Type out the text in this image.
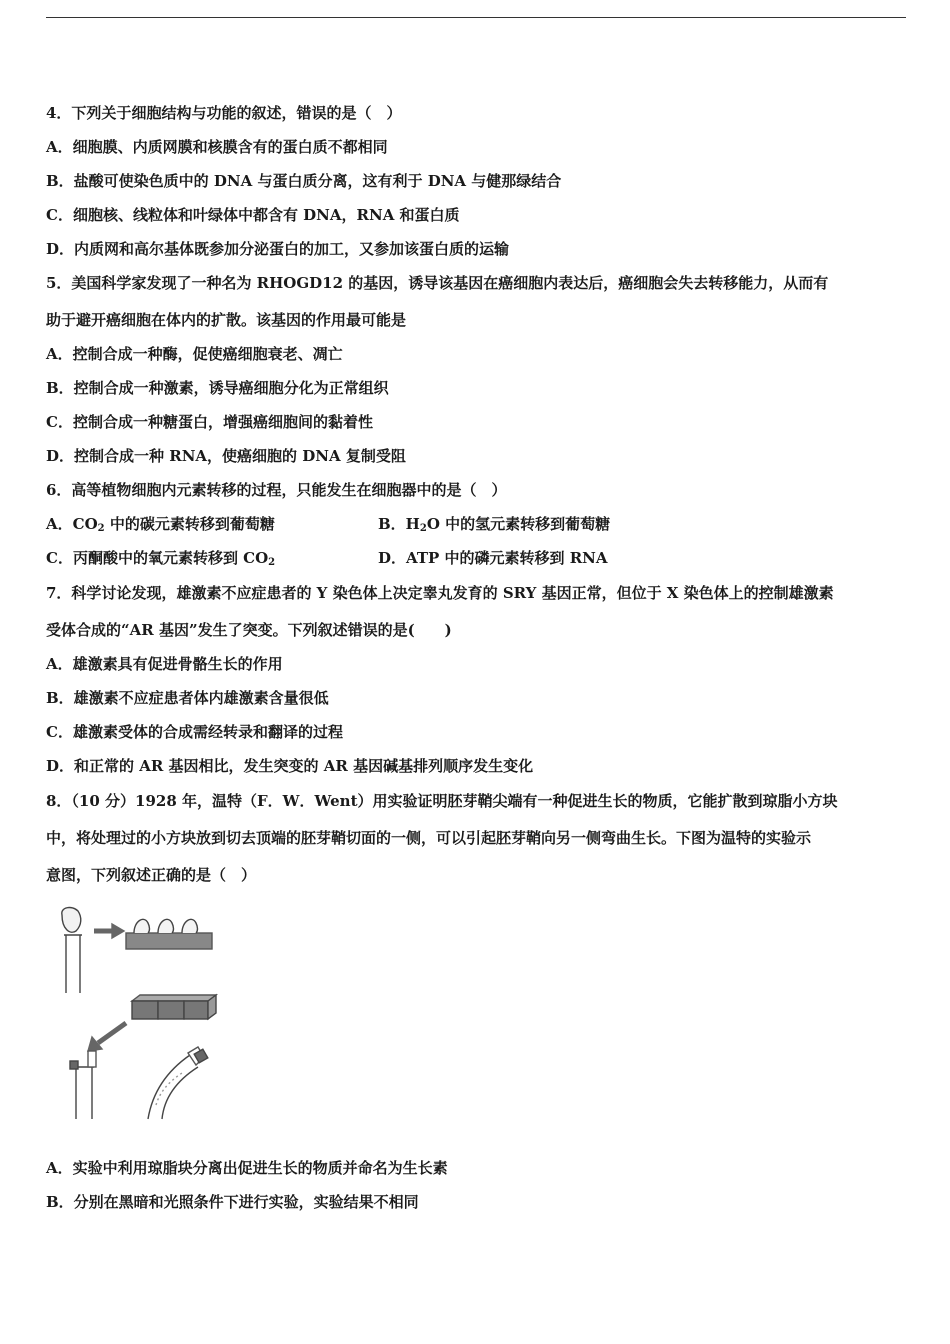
4．下列关于细胞结构与功能的叙述，错误的是（　）
A．细胞膜、内质网膜和核膜含有的蛋白质不都相同
B．盐酸可使染色质中的 DNA 与蛋白质分离，这有利于 DNA 与健那绿结合
C．细胞核、线粒体和叶绿体中都含有 DNA，RNA 和蛋白质
D．内质网和高尔基体既参加分泌蛋白的加工，又参加该蛋白质的运输
5．美国科学家发现了一种名为 RHOGD12 的基因，诱导该基因在癌细胞内表达后，癌细胞会失去转移能力，从而有
助于避开癌细胞在体内的扩散。该基因的作用最可能是
A．控制合成一种酶，促使癌细胞衰老、凋亡
B．控制合成一种激素，诱导癌细胞分化为正常组织
C．控制合成一种糖蛋白，增强癌细胞间的黏着性
D．控制合成一种 RNA，使癌细胞的 DNA 复制受阻
6．高等植物细胞内元素转移的过程，只能发生在细胞器中的是（　）
A．$CO_2$ 中的碳元素转移到葡萄糖	B．$H_2O$ 中的氢元素转移到葡萄糖
C．丙酮酸中的氧元素转移到 $CO_2$	D．ATP 中的磷元素转移到 RNA
7．科学讨论发现，雄激素不应症患者的 Y 染色体上决定睾丸发育的 SRY 基因正常，但位于 X 染色体上的控制雄激素
受体合成的“AR 基因”发生了突变。下列叙述错误的是(　　)
A．雄激素具有促进骨骼生长的作用
B．雄激素不应症患者体内雄激素含量很低
C．雄激素受体的合成需经转录和翻译的过程
D．和正常的 AR 基因相比，发生突变的 AR 基因碱基排列顺序发生变化
8．（10 分）1928 年，温特（F．W．Went）用实验证明胚芽鞘尖端有一种促进生长的物质，它能扩散到琼脂小方块
中，将处理过的小方块放到切去顶端的胚芽鞘切面的一侧，可以引起胚芽鞘向另一侧弯曲生长。下图为温特的实验示
意图，下列叙述正确的是（　）
A．实验中利用琼脂块分离出促进生长的物质并命名为生长素
B．分别在黑暗和光照条件下进行实验，实验结果不相同
